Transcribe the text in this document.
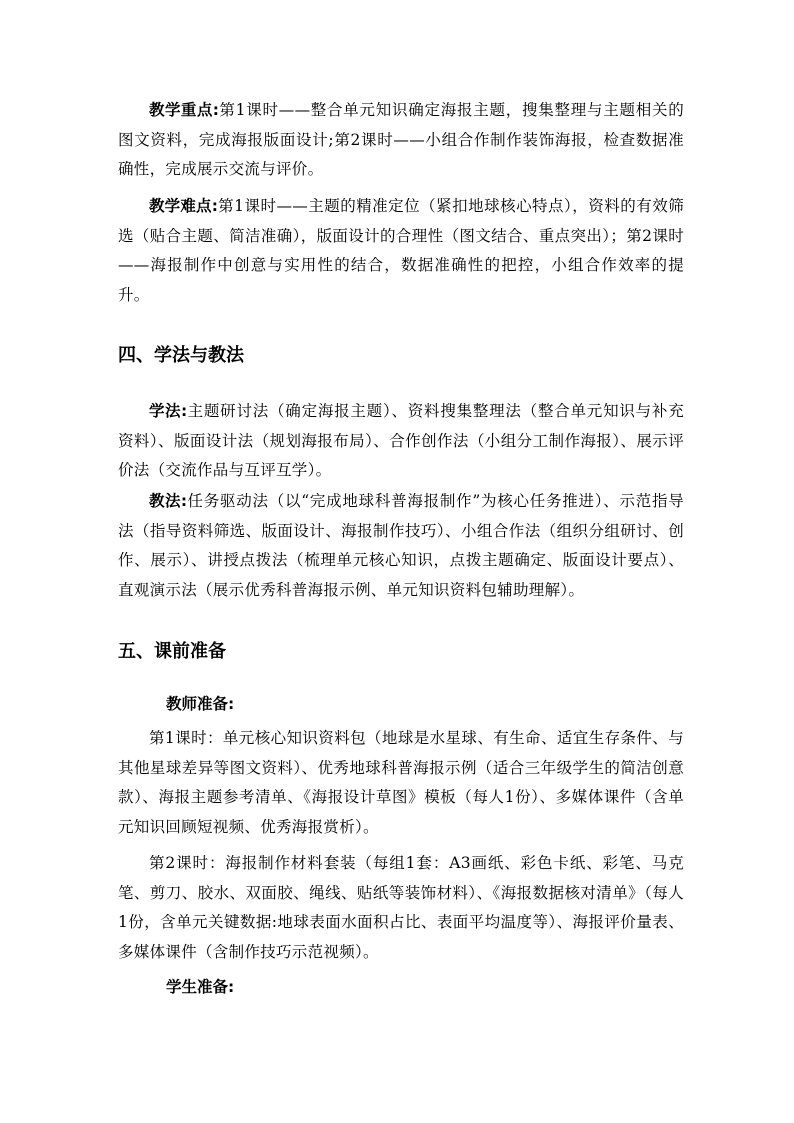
教学重点:第1课时——整合单元知识确定海报主题，搜集整理与主题相关的图文资料，完成海报版面设计;第2课时——小组合作制作装饰海报，检查数据准确性，完成展示交流与评价。

教学难点:第1课时——主题的精准定位（紧扣地球核心特点），资料的有效筛选（贴合主题、简洁准确），版面设计的合理性（图文结合、重点突出）；第2课时——海报制作中创意与实用性的结合，数据准确性的把控，小组合作效率的提升。

四、学法与教法

学法:主题研讨法（确定海报主题）、资料搜集整理法（整合单元知识与补充资料）、版面设计法（规划海报布局）、合作创作法（小组分工制作海报）、展示评价法（交流作品与互评互学）。

教法:任务驱动法（以“完成地球科普海报制作”为核心任务推进）、示范指导法（指导资料筛选、版面设计、海报制作技巧）、小组合作法（组织分组研讨、创作、展示）、讲授点拨法（梳理单元核心知识，点拨主题确定、版面设计要点）、直观演示法（展示优秀科普海报示例、单元知识资料包辅助理解）。

五、课前准备
教师准备:

第1课时：单元核心知识资料包（地球是水星球、有生命、适宜生存条件、与其他星球差异等图文资料）、优秀地球科普海报示例（适合三年级学生的简洁创意款）、海报主题参考清单、《海报设计草图》模板（每人1份）、多媒体课件（含单元知识回顾短视频、优秀海报赏析）。

第2课时：海报制作材料套装（每组1套：A3画纸、彩色卡纸、彩笔、马克笔、剪刀、胶水、双面胶、绳线、贴纸等装饰材料）、《海报数据核对清单》（每人1份，含单元关键数据:地球表面水面积占比、表面平均温度等）、海报评价量表、多媒体课件（含制作技巧示范视频）。

学生准备:
